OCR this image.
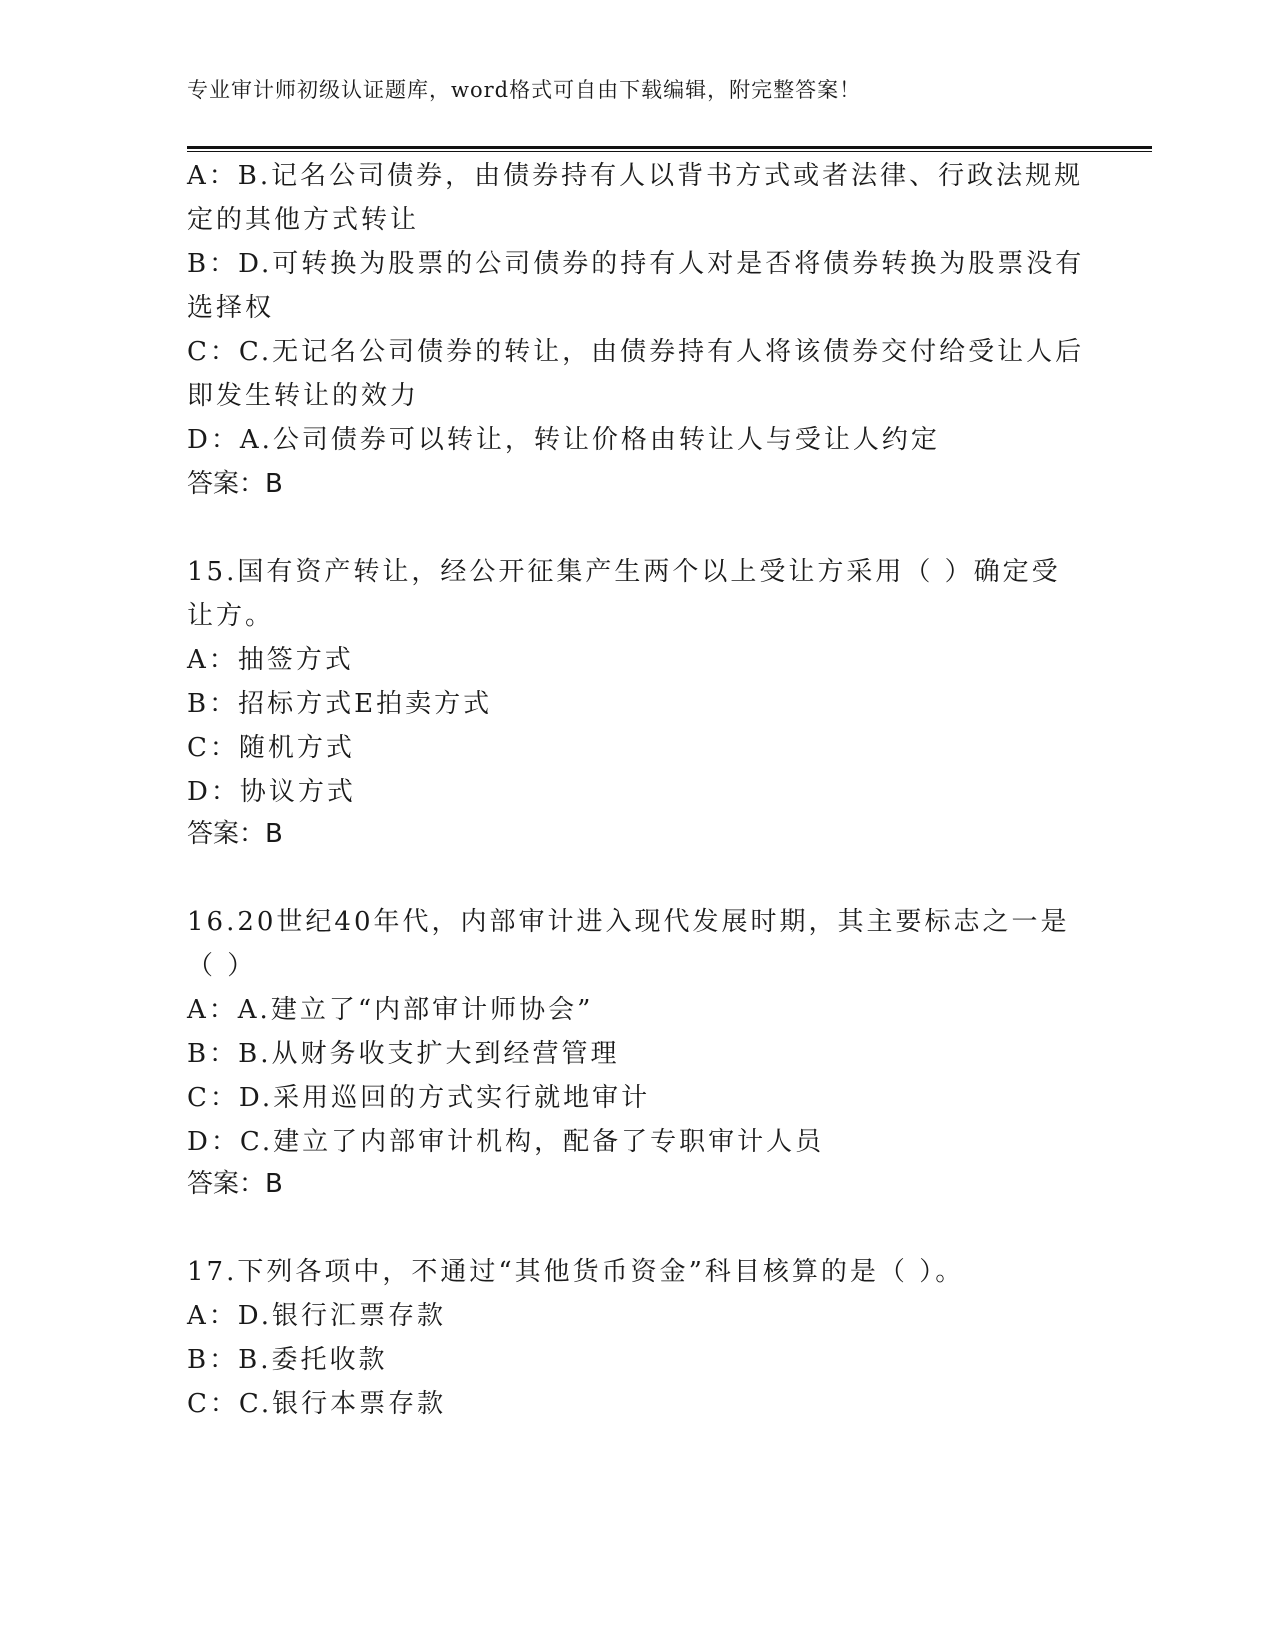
专业审计师初级认证题库，word格式可自由下载编辑，附完整答案！
A：B.记名公司债券，由债券持有人以背书方式或者法律、行政法规规
定的其他方式转让
B：D.可转换为股票的公司债券的持有人对是否将债券转换为股票没有
选择权
C：C.无记名公司债券的转让，由债券持有人将该债券交付给受让人后
即发生转让的效力
D：A.公司债券可以转让，转让价格由转让人与受让人约定
答案：B
15.国有资产转让，经公开征集产生两个以上受让方采用（ ）确定受
让方。
A：抽签方式
B：招标方式E拍卖方式
C：随机方式
D：协议方式
答案：B
16.20世纪40年代，内部审计进入现代发展时期，其主要标志之一是
（ ）
A：A.建立了“内部审计师协会”
B：B.从财务收支扩大到经营管理
C：D.采用巡回的方式实行就地审计
D：C.建立了内部审计机构，配备了专职审计人员
答案：B
17.下列各项中，不通过“其他货币资金”科目核算的是（ ）。
A：D.银行汇票存款
B：B.委托收款
C：C.银行本票存款
